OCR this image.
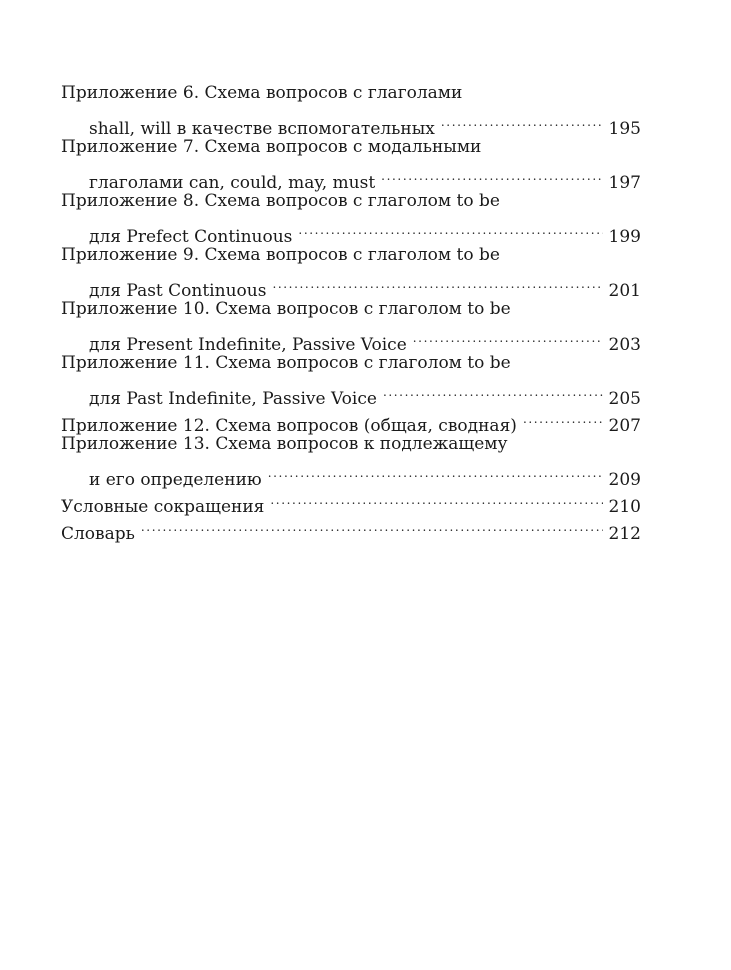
Приложение 6. Схема вопросов с глаголами
shall, will в качестве вспомогательных .....	195
Приложение 7. Схема вопросов с модальными
глаголами can, could, may, must .....	197
Приложение 8. Схема вопросов с глаголом to be
для Prefect Continuous .....	199
Приложение 9. Схема вопросов с глаголом to be
для Past Continuous .....	201
Приложение 10. Схема вопросов с глаголом to be
для Present Indefinite, Passive Voice .....	203
Приложение 11. Схема вопросов с глаголом to be
для Past Indefinite, Passive Voice .....	205
Приложение 12. Схема вопросов (общая, сводная) .....	207
Приложение 13. Схема вопросов к подлежащему
и его определению .....	209
Условные сокращения .....	210
Словарь .....	212
